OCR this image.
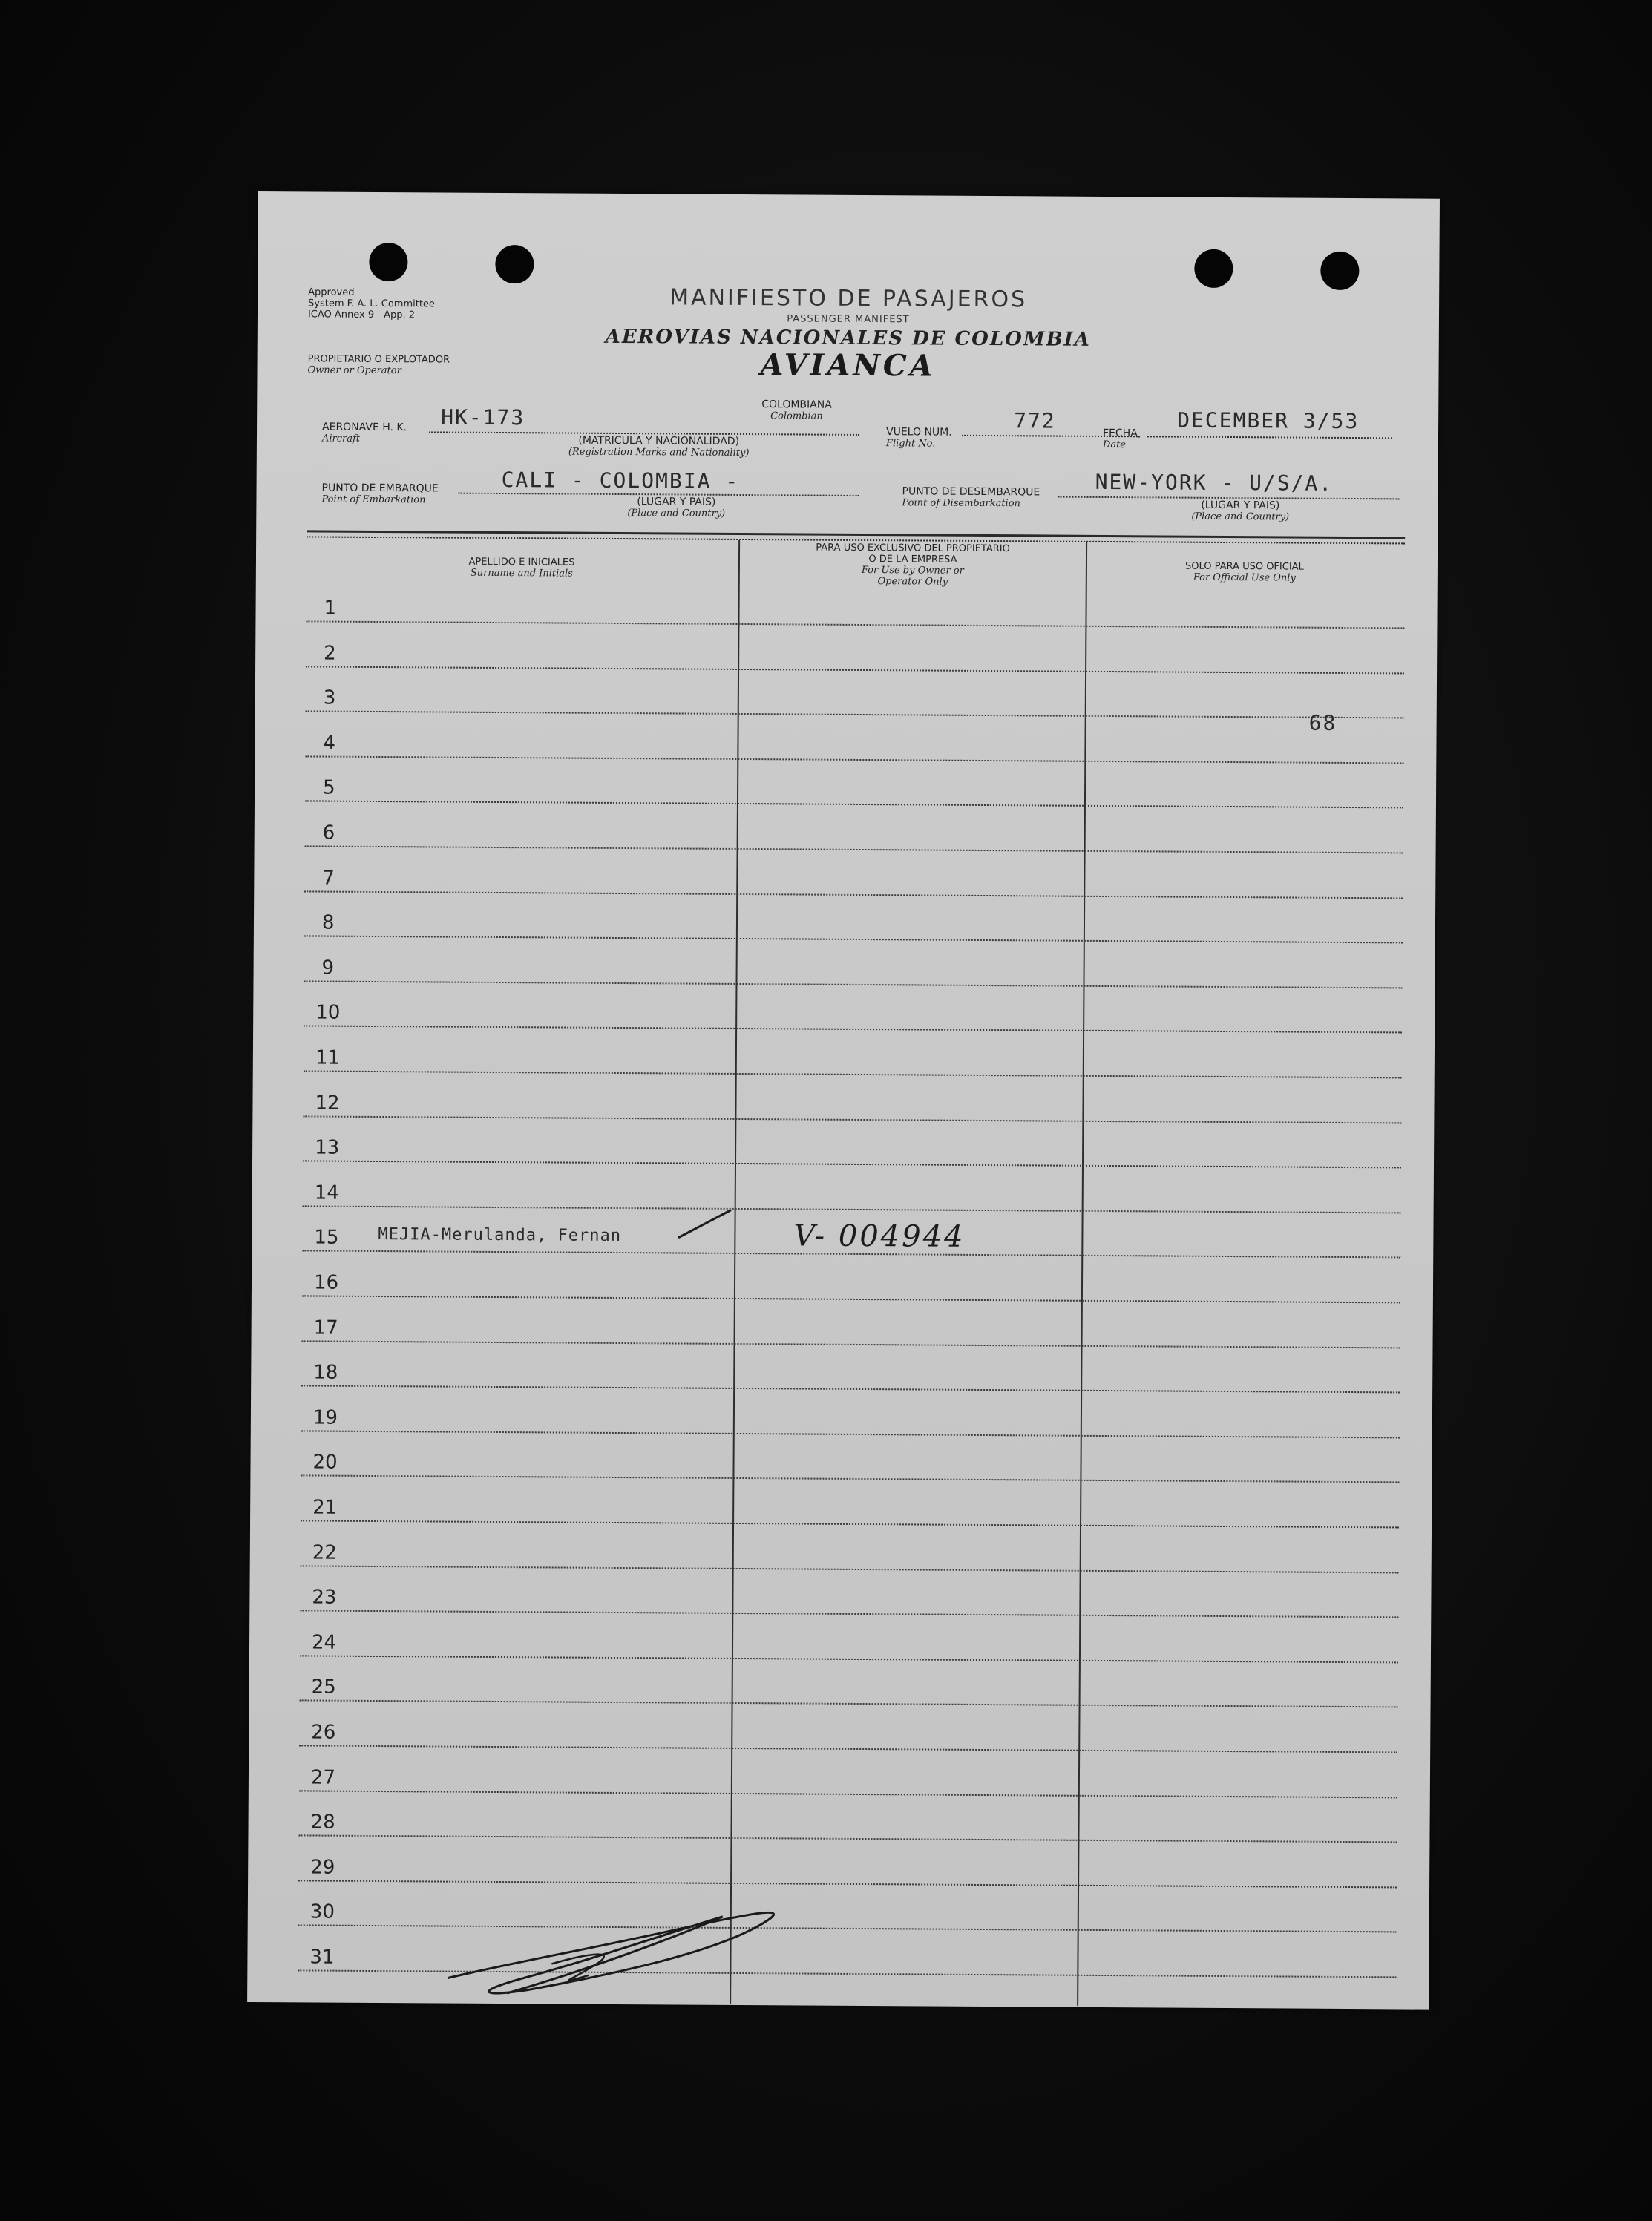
Approved
System F. A. L. Committee
ICAO Annex 9—App. 2
PROPIETARIO O EXPLOTADOR
Owner or Operator
MANIFIESTO DE PASAJEROS
PASSENGER MANIFEST
AEROVIAS NACIONALES DE COLOMBIA
AVIANCA
AERONAVE H. K.
Aircraft
HK-173
COLOMBIANA
Colombian
(MATRICULA Y NACIONALIDAD)
(Registration Marks and Nationality)
VUELO NUM.
Flight No.
772
FECHA
Date
DECEMBER 3/53
PUNTO DE EMBARQUE
Point of Embarkation
CALI - COLOMBIA -
(LUGAR Y PAIS)
(Place and Country)
PUNTO DE DESEMBARQUE
Point of Disembarkation
NEW-YORK - U/S/A.
(LUGAR Y PAIS)
(Place and Country)
APELLIDO E INICIALES
Surname and Initials
PARA USO EXCLUSIVO DEL PROPIETARIO
O DE LA EMPRESA
For Use by Owner or
Operator Only
SOLO PARA USO OFICIAL
For Official Use Only
1
2
3
68
4
5
6
7
8
9
10
11
12
13
14
15 MEJIA-Merulanda, Fernan	V- 004944
16
17
18
19
20
21
22
23
24
25
26
27
28
29
30
31
